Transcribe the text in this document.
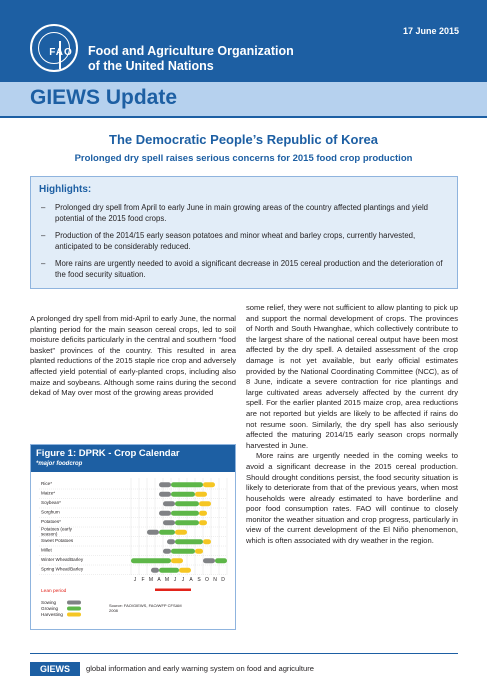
FAO	Food and Agriculture Organization
of the United Nations
17 June 2015
GIEWS Update
The Democratic People’s Republic of Korea
Prolonged dry spell raises serious concerns for 2015 food crop production
Highlights:
– Prolonged dry spell from April to early June in main growing areas of the country affected plantings and yield potential of the 2015 food crops.
– Production of the 2014/15 early season potatoes and minor wheat and barley crops, currently harvested, anticipated to be considerably reduced.
– More rains are urgently needed to avoid a significant decrease in 2015 cereal production and the deterioration of the food security situation.

A prolonged dry spell from mid-April to early June, the normal planting period for the main season cereal crops, led to soil moisture deficits particularly in the central and southern “food basket” provinces of the country. This resulted in area planted reductions of the 2015 staple rice crop and adversely affected yield potential of early-planted crops, including also maize and soybeans. Although some rains during the second dekad of May over most of the growing areas provided

some relief, they were not sufficient to allow planting to pick up and support the normal development of crops. The provinces of North and South Hwanghae, which collectively contribute to the largest share of the national cereal output have been most affected by the dry spell. A detailed assessment of the crop damage is not yet available, but early official estimates provided by the National Coordinating Committee (NCC), as of 8 June, indicate a severe contraction for rice plantings and large cultivated areas adversely affected by the current dry spell. For the earlier planted 2015 maize crop, area reductions are not reported but yields are likely to be affected if rains do not resume soon. Similarly, the dry spell has also seriously affected the maturing 2014/15 early season crops normally harvested in June.

More rains are urgently needed in the coming weeks to avoid a significant decrease in the 2015 cereal production. Should drought conditions persist, the food security situation is likely to deteriorate from that of the previous years, when most households were already estimated to have borderline and poor food consumption rates. FAO will continue to closely monitor the weather situation and crop progress, particularly in view of the current development of the El Niño phenomenon, which is often associated with dry weather in the region.

Figure 1: DPRK - Crop Calendar
*major foodcrop
Rice*
Maize*
Soybean*
Sorghum
Potatoes*
Potatoes (early season)
Sweet Potatoes
Millet
Winter Wheat/Barley
Spring Wheat/Barley
J F M A M J J A S O N D
Lean period
Sowing
Growing
Harvesting
Source: FAO/GIEWS, FAO/WFP CFSAM 2008
GIEWS	global information and early warning system on food and agriculture
